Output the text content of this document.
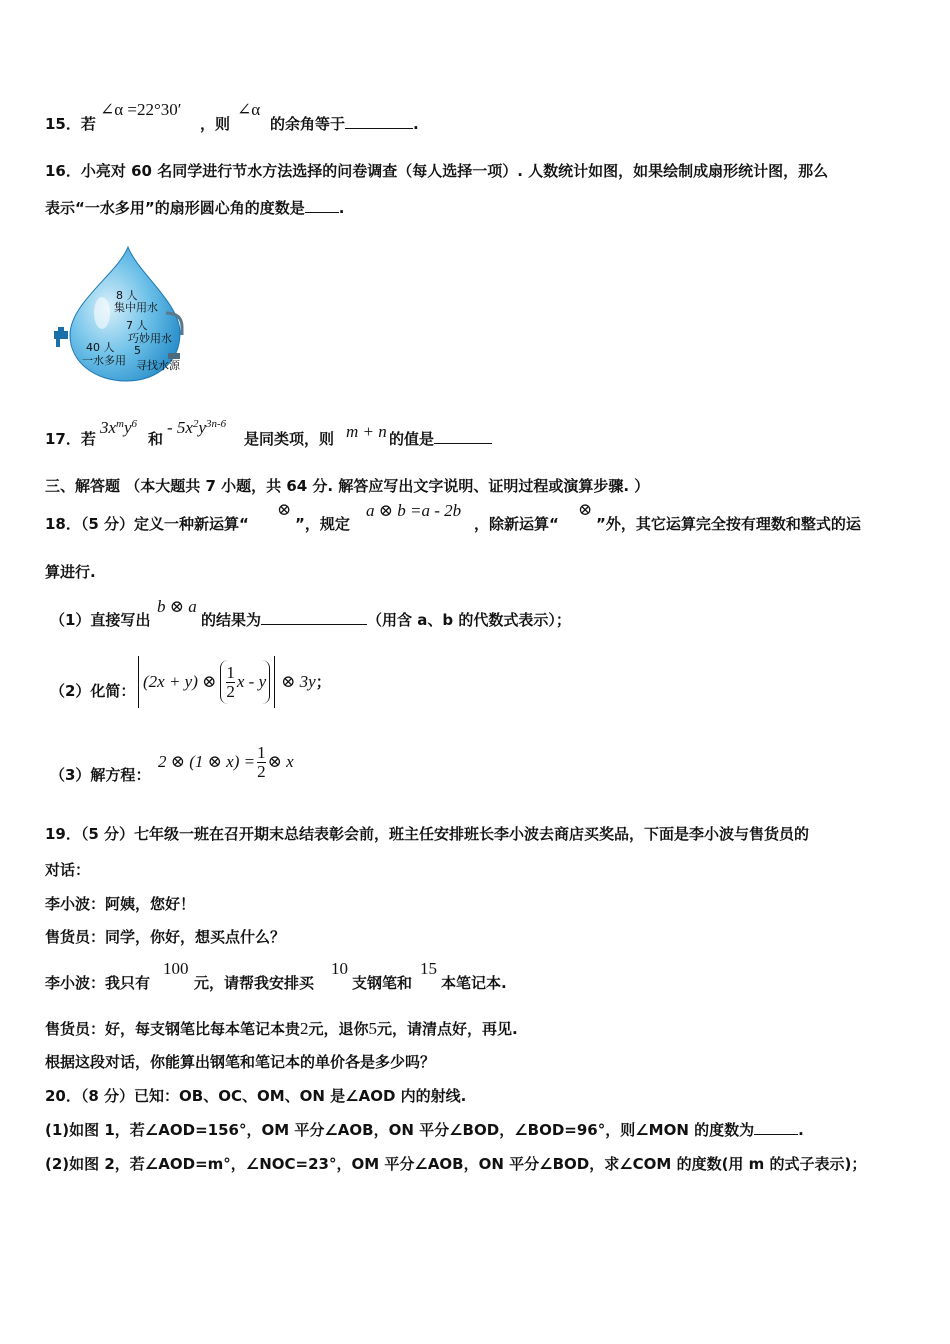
15．若
∠α =22°30′
，则
∠α
的余角等于	.
16．小亮对 60 名同学进行节水方法选择的问卷调查（每人选择一项）. 人数统计如图，如果绘制成扇形统计图，那么
表示“一水多用”的扇形圆心角的度数是 .
8 人
集中用水
7 人
巧妙用水
40 人
一水多用
5
寻找水源
17．若
$3x^my^6$
和
- $5x^2y^{3n-6}$
是同类项，则 m + n 的值是
三、解答题 （本大题共 7 小题，共 64 分. 解答应写出文字说明、证明过程或演算步骤. ）
18．（5 分）定义一种新运算“
⊗
”，规定
a ⊗ b =a - 2b
，除新运算“
⊗
”外，其它运算完全按有理数和整式的运
算进行.
（1）直接写出
b ⊗ a
的结果为	（用含 a、b 的代数式表示）；
（2）化简： (2x + y) ⊗ $\frac{1}{2}$ x - y ⊗ 3y ；
（3）解方程：
2 ⊗ (1 ⊗ $x) = \frac{1}{2}$ ⊗ x
19．（5 分）七年级一班在召开期末总结表彰会前，班主任安排班长李小波去商店买奖品，下面是李小波与售货员的
对话：
李小波：阿姨，您好！
售货员：同学，你好，想买点什么？
李小波：我只有
100
元，请帮我安排买
10
支钢笔和
15
本笔记本.
售货员：好，每支钢笔比每本笔记本贵2元，退你5元，请清点好，再见.
根据这段对话，你能算出钢笔和笔记本的单价各是多少吗？
20．（8 分）已知：OB、OC、OM、ON 是∠AOD 内的射线.
(1)如图 1，若∠AOD=156°，OM 平分∠AOB，ON 平分∠BOD，∠BOD=96°，则∠MON 的度数为	.
(2)如图 2，若∠AOD=m°，∠NOC=23°，OM 平分∠AOB，ON 平分∠BOD，求∠COM 的度数(用 m 的式子表示)；
